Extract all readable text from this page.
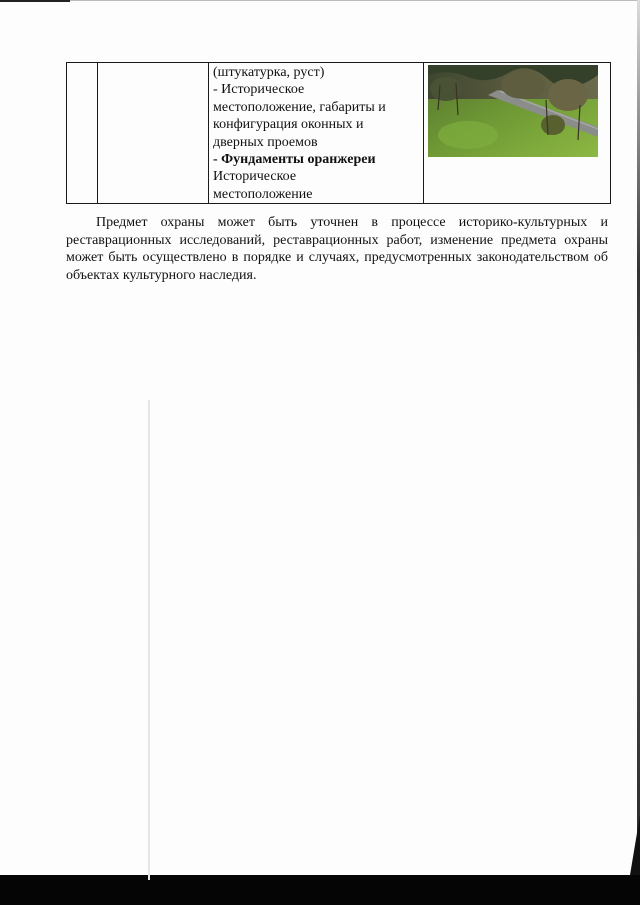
(штукатурка, руст)
- Историческое
местоположение, габариты и
конфигурация оконных и
дверных проемов
- Фундаменты оранжереи
Историческое
местоположение

Предмет охраны может быть уточнен в процессе историко-культурных и реставрационных исследований, реставрационных работ, изменение предмета охраны может быть осуществлено в порядке и случаях, предусмотренных законодательством об объектах культурного наследия.
